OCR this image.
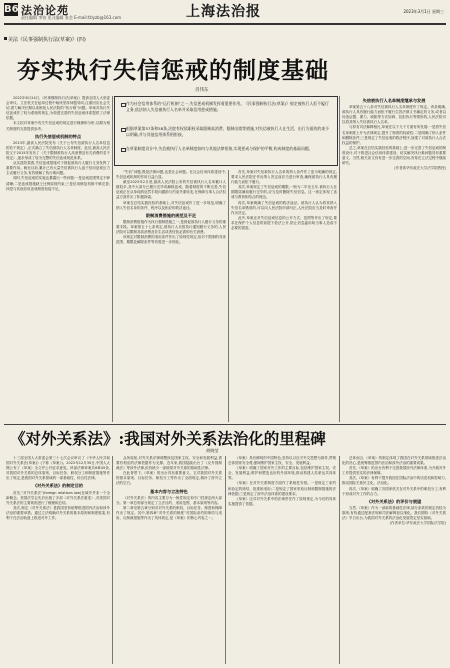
B6 法治论苑
责任编辑 李容 见习编辑 张会 E-mail:fzlyzb@163.com	上海法治报	2023年3月1日 星期三
美法《民事强制执行法(草案)》(四)
夯实执行失信惩戒的制度基础
肖伟东

2022年6月24日,《民事强制执行法(草案)》提请全国人大常委会审议。立法机关在起草过程中始终坚持问题导向,注重回应社会关切,着力解决长期以来困扰人民法院的“执行难”问题。草案对执行失信惩戒作了较为系统的规定,为构建完善的失信惩戒体系提供了法律依据。

本文拟对草案中有关失信惩戒的规定进行梳理和分析,以期为相关制度的完善提供参考。

执行失信惩戒机制的特点

2013年,最高人民法院发布《关于公布失信被执行人名单信息的若干规定》,正式确立了失信被执行人名单制度。此后,最高人民法院又于2015年发布了《关于限制被执行人高消费及有关消费的若干规定》,逐步形成了较为完整的失信惩戒规范体系。

从实践效果看,失信惩戒措施对于督促被执行人履行义务发挥了重要作用。截至目前,累计已有大量失信被执行人迫于信用惩戒压力主动履行义务,有效缓解了执行难问题。

同时,失信惩戒的实施也暴露出一些问题:一是惩戒范围界定不够清晰;二是惩戒措施缺乏比例原则约束;三是信用修复机制不够完善;四是与其他信用惩戒制度衔接不足。

作为社会信用体系的“运行机制”之一,失信惩戒机制发挥着重要作用。《民事强制执行法(草案)》规定被执行人拒不履行义务,依法纳入失信被执行人名单并采取信用惩戒措施。
根据草案第57条和58条,法院有权依职权采取限制高消费、限制出境等措施,对失信被执行人在生活、出行方面的约束予以明确,并与其他信用体系相衔接。
在草案制度设计中,失信被执行人名单制度如何与其他法律衔接,实现惩戒与保护的平衡,构成制度的基础问题。

“失信”问题,既是法律问题,也是社会问题。在社会信用体系建设中,失信惩戒机制的作用日益凸显。

截至2023年2月底,最高人民法院公布的失信被执行人名单累计人数较多,其中大部分已履行完毕或解除惩戒。随着制度的不断完善,失信惩戒正在从单纯的惩罚手段向激励与约束并重转变,在保障当事人合法权益方面作出了积极探索。

草案在总结实践经验的基础上,对失信惩戒作了进一步规范,明确了纳入失信名单的条件、程序以及相应的救济途径。

限制消费措施的规范及不足

限制消费措施作为执行强制措施之一,是督促被执行人履行义务的重要手段。草案第五十七条规定,被执行人未按执行通知履行义务的,人民法院可以限制其高消费及非生活或者经营必需的有关消费。

该规定对限制消费的适用条件作出了原则性规定,但对于限制的具体范围、期限及解除条件等仍需进一步细化。

首先,草案对失信被执行人名单的纳入条件作了更为明确的规定,要求人民法院在作出纳入决定前应当进行审查,确保被执行人具有履行能力而拒不履行。

其次,草案规定了失信惩戒的期限,一般为二年至五年,被执行人在期限届满前履行完毕的,应当及时删除失信信息。这一规定体现了惩戒与教育相结合的理念。

再次,草案明确了失信惩戒的救济途径。被执行人认为将其纳入失信名单错误的,可以向人民法院申请纠正,人民法院应当及时审查并作出决定。

此外,草案还对失信惩戒信息的公开方式、范围等作出了规定,要求在保护个人信息的前提下依法公开,防止信息滥用给当事人造成不必要的损害。

失信被执行人名单制度继承与发展

草案第五十八条对失信被执行人名单制度作了规定。该条明确,被执行人具有履行能力而拒不履行生效法律文书确定的义务,或者以伪造证据、暴力、威胁等方法妨碍、抗拒执行等情形的,人民法院可以将其纳入失信被执行人名单。

与原有司法解释相比,草案在以下几个方面有所发展:一是将失信名单制度上升为法律规定,提升了制度的权威性;二是明确了纳入条件和删除条件;三是规定了失信惩戒的救济程序,加强了对被执行人合法权益的保护。

总之,草案在总结实践经验的基础上,进一步完善了失信惩戒的制度设计,对于推进社会信用体系建设、切实解决执行难问题具有重要意义。当然,相关条文仍有进一步完善的空间,有待在立法过程中继续研究。

(作者系华东政法大学法学院教授)
《对外关系法》:我国对外关系法治化的里程碑
胡晓莹

十三届全国人大常委会第三十七次会议审议了《中华人民共和国对外关系法(草案)》(下称《草案》)。2022年12月30日,中国人大网公布了《草案》全文并公开征求意见。该部法律草案共6章45条,对我国对外关系的总体原则、目标任务、职权分工和制度措施等作出了规定,是我国对外关系领域的一部基础性、综合性法律。

《对外关系法》的制定目的

首先,“对外关系法”(foreign relations law)在域外并非一个全新概念。美国法学会先后出版了多部《对外关系法重述》,对美国对外关系法的主要规则进行了梳理和总结。

其次,制定《对外关系法》是我国坚持统筹推进国内法治和涉外法治的重要举措。通过立法明确对外关系的基本原则和制度框架,有利于在法治轨道上推进对外工作。

众所周知,对外关系法律调整涉及国家主权、安全和发展利益,需要有相应的法律依据作为支撑。近年来,我国陆续出台了《反外国制裁法》等涉外法律,但仍缺少一部统领对外关系的基础性法律。

在此背景下,《草案》的出台具有重要意义。它对我国对外关系的基本原则、目标任务、职权分工等作出了全面规定,填补了涉外立法的空白。

基本内容与立法特色

《对外关系法》的内容主要分为一般性规定和专门性规定两大部分。第一章总则部分规定了立法目的、适用范围、基本原则等内容。

第二章至第五章分别对对外关系的职权、目标任务、制度和保障作出了规定。其中,第四章“对外关系的制度”对国际条约的缔结与适用、反制裁措施等作出了具体规定,是《草案》的核心内容之一。

《草案》具有鲜明的中国特色,坚持以习近平外交思想为指导,贯彻总体国家安全观,强调维护国家主权、安全、发展利益。

《草案》明确了国家对外工作的主要目标,包括维护国家主权、安全、发展利益,维护和塑造良好的外部环境,推动构建人类命运共同体等。

《草案》在对外关系制度方面作了系统性安排。一是规定了条约和协定的缔结、批准和适用;二是规定了国家采取反制和限制措施的法律依据;三是规定了涉外法治体系的建设要求。

《草案》还对对外关系中的法律责任作了原则规定,为今后的具体实施提供了依据。

总体而言,《草案》的制定体现了我国在对外关系领域推进法治化的决心,是统筹推进国内法治和涉外法治的重要成果。

首先,《草案》的出台有利于完善我国涉外法律体系,为开展对外工作提供坚实的法律保障。

其次,《草案》有利于提升我国在国际法治中的话语权和影响力,推动国际关系民主化、法治化。

再次,《草案》明确了各国家机关在对外关系中的职权分工,有利于形成对外工作的合力。

《对外关系法》的评价与展望

当然,《草案》作为一部新的基础性法律,部分条款的规定仍较为原则,有待通过配套法规和司法解释加以细化。我们期待《对外关系法》早日出台,为我国对外关系的法治化发展奠定坚实基础。

(作者单位:华东政法大学国际法学院)
